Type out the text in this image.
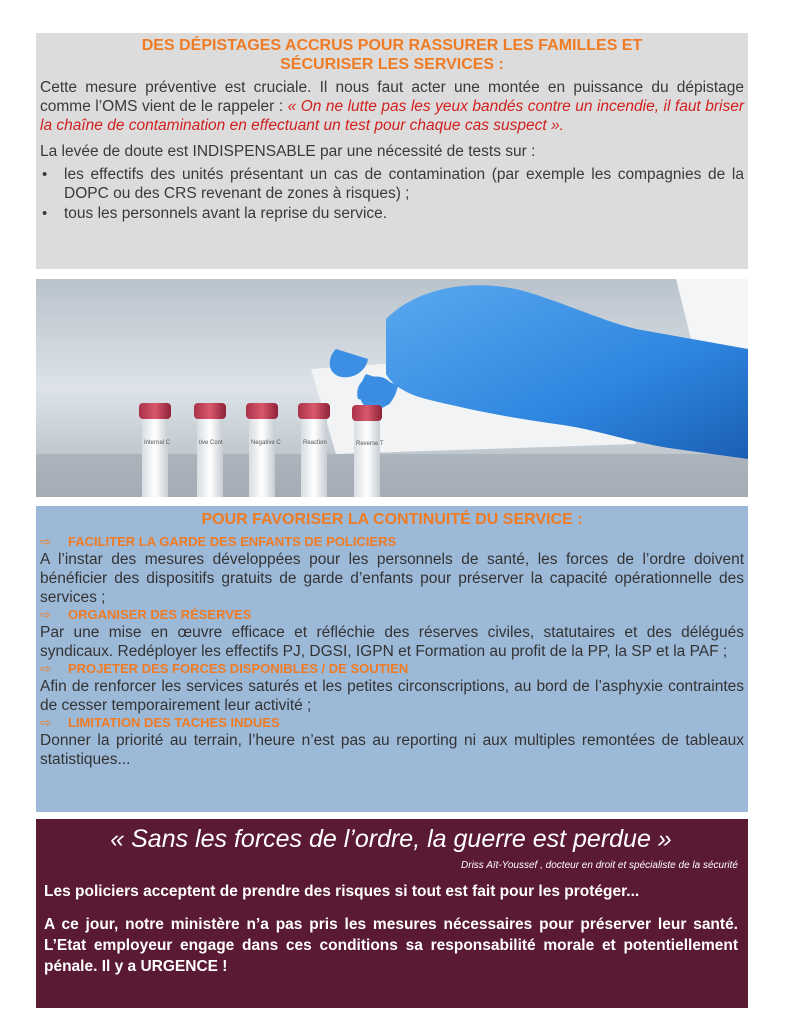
DES DÉPISTAGES ACCRUS POUR RASSURER LES FAMILLES ET
SÉCURISER LES SERVICES :

Cette mesure préventive est cruciale. Il nous faut acter une montée en puissance du dépistage comme l’OMS vient de le rappeler : « On ne lutte pas les yeux bandés contre un incendie, il faut briser la chaîne de contamination en effectuant un test pour chaque cas suspect ».

La levée de doute est INDISPENSABLE par une nécessité de tests sur :

• les effectifs des unités présentant un cas de contamination (par exemple les compagnies de la DOPC ou des CRS revenant de zones à risques) ;
• tous les personnels avant la reprise du service.
Internal C	tive Cont	Negative C	Reaction	Reverse T
POUR FAVORISER LA CONTINUITÉ DU SERVICE :
⇨ FACILITER LA GARDE DES ENFANTS DE POLICIERS

A l’instar des mesures développées pour les personnels de santé, les forces de l’ordre doivent bénéficier des dispositifs gratuits de garde d’enfants pour préserver la capacité opérationnelle des services ;

⇨ ORGANISER DES RÉSERVES

Par une mise en œuvre efficace et réfléchie des réserves civiles, statutaires et des délégués syndicaux. Redéployer les effectifs PJ, DGSI, IGPN et Formation au profit de la PP, la SP et la PAF ;

⇨ PROJETER DES FORCES DISPONIBLES / DE SOUTIEN

Afin de renforcer les services saturés et les petites circonscriptions, au bord de l’asphyxie contraintes de cesser temporairement leur activité ;

⇨ LIMITATION DES TACHES INDUES

Donner la priorité au terrain, l’heure n’est pas au reporting ni aux multiples remontées de tableaux statistiques...

« Sans les forces de l’ordre, la guerre est perdue »

Driss Aït-Youssef , docteur en droit et spécialiste de la sécurité

Les policiers acceptent de prendre des risques si tout est fait pour les protéger...

A ce jour, notre ministère n’a pas pris les mesures nécessaires pour préserver leur santé. L’Etat employeur engage dans ces conditions sa responsabilité morale et potentiellement pénale. Il y a URGENCE !
